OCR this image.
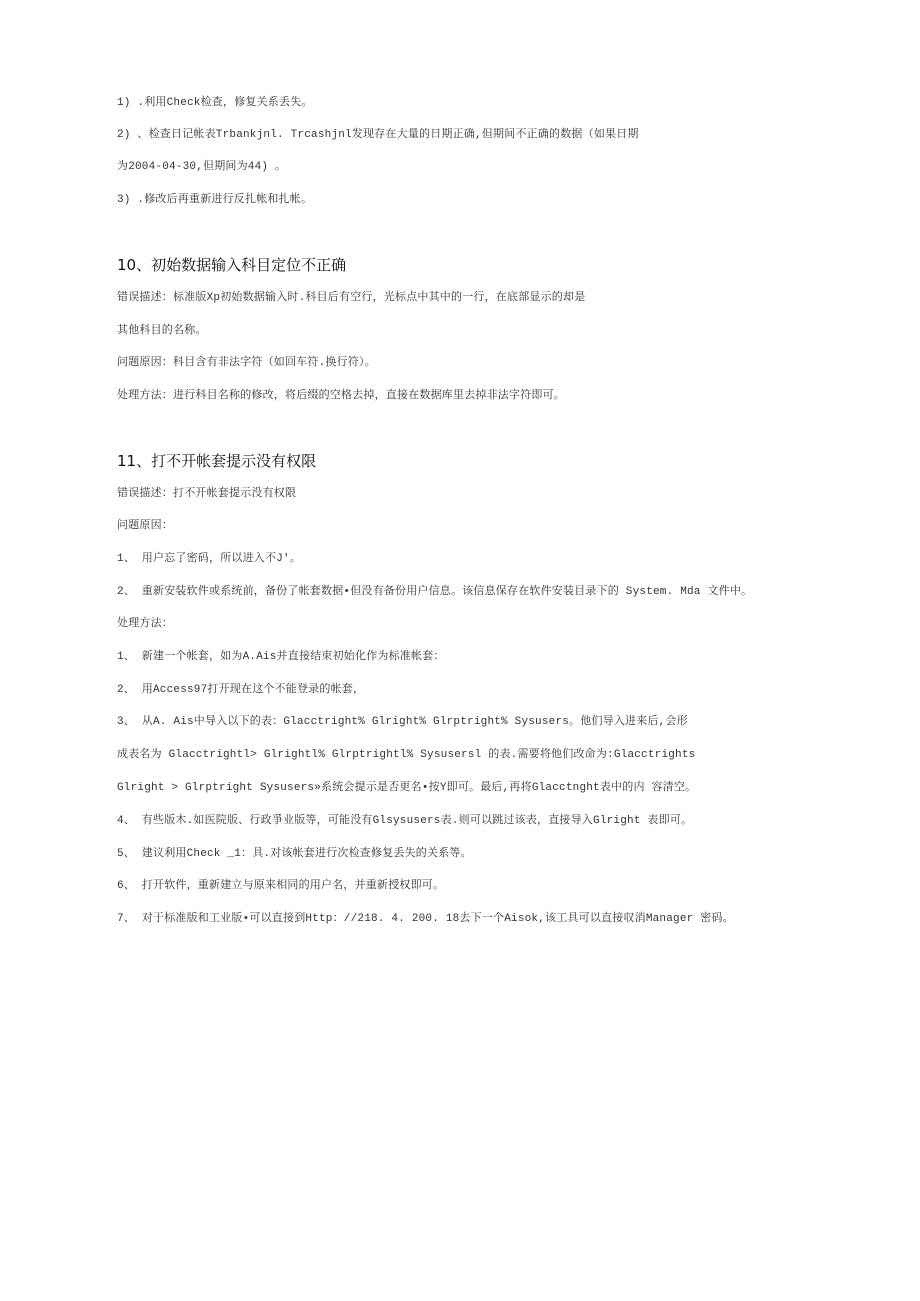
1) .利用Check检查，修复关系丢失。
2) 、检查日记帐表Trbankjnl. Trcashjnl发现存在大量的日期正确,但期间不正确的数据（如果日期
为2004-04-30,但期间为44) 。
3) .修改后再重新进行反扎帐和扎帐。
10、初始数据输入科目定位不正确
错误描述：标准版Xp初始数据输入时.科目后有空行，光标点中其中的一行，在底部显示的却是
其他科目的名称。
问题原因：科目含有非法字符（如回车符.换行符）。
处理方法：进行科目名称的修改，将后缀的空格去掉，直接在数据库里去掉非法字符即可。
11、打不开帐套提示没有权限
错误描述：打不开帐套提示没有权限
问题原因：
1、 用户忘了密码，所以进入不J'。
2、 重新安装软件或系统前，备份了帐套数据•但没有备份用户信息。该信息保存在软件安装目录下的 System. Mda 文件中。
处理方法：
1、 新建一个帐套，如为A.Ais并直接结束初始化作为标准帐套：
2、 用Access97打开现在这个不能登录的帐套，
3、 从A. Ais中导入以下的表：Glacctright% Glright% Glrptright% Sysusers。他们导入进来后,会形
成表名为 Glacctrightl> Glrightl% Glrptrightl% Sysusersl 的表.需要将他们改命为:Glacctrights
Glright > Glrptright Sysusers»系统会提示是否更名•按Y即可。最后,再将Glacctnght表中的内 容清空。
4、 有些版木.如医院版、行政爭业版等，可能没有Glsysusers表.则可以跳过该表，直接导入Glright 表即可。
5、 建议利用Check _1：具.对该帐套进行次检查修复丢失的关系等。
6、 打开软件，重新建立与原来相同的用户名，并重新授权即可。
7、 对于标准版和工业版•可以直接到Http：//218. 4. 200. 18去下一个Aisok,该工具可以直接収消Manager 密码。
